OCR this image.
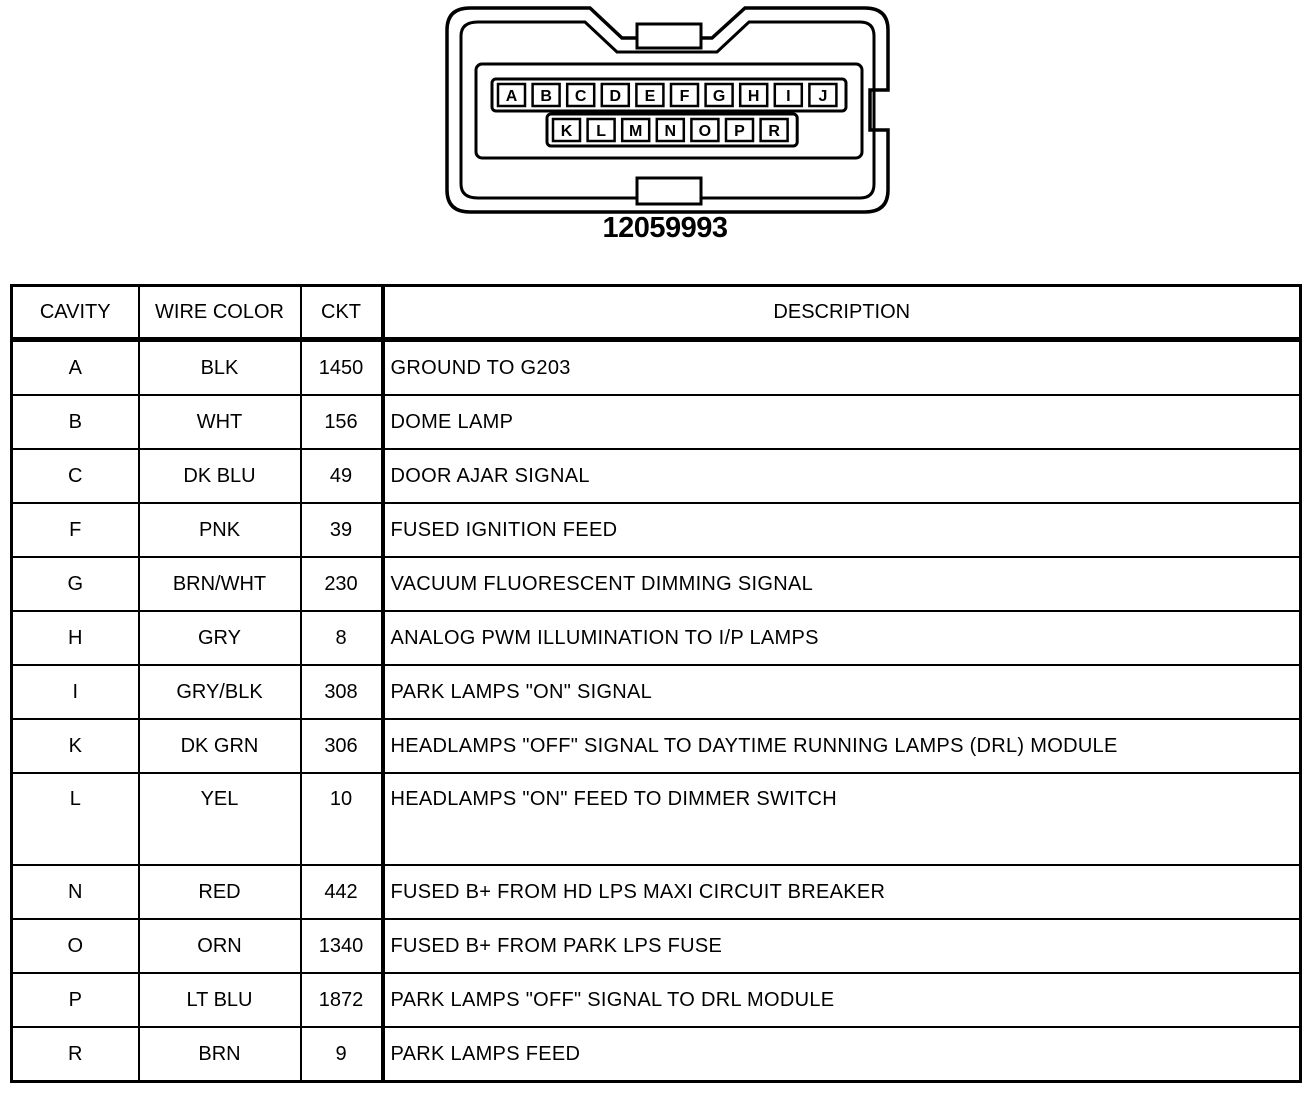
A B C D E F G H I J
K L M N O P R
12059993
CAVITY	WIRE COLOR	CKT	DESCRIPTION
A	BLK	1450	GROUND TO G203
B	WHT	156	DOME LAMP
C	DK BLU	49	DOOR AJAR SIGNAL
F	PNK	39	FUSED IGNITION FEED
G	BRN/WHT	230	VACUUM FLUORESCENT DIMMING SIGNAL
H	GRY	8	ANALOG PWM ILLUMINATION TO I/P LAMPS
I	GRY/BLK	308	PARK LAMPS "ON" SIGNAL
K	DK GRN	306	HEADLAMPS "OFF" SIGNAL TO DAYTIME RUNNING LAMPS (DRL) MODULE
L	YEL	10	HEADLAMPS "ON" FEED TO DIMMER SWITCH
N	RED	442	FUSED B+ FROM HD LPS MAXI CIRCUIT BREAKER
O	ORN	1340	FUSED B+ FROM PARK LPS FUSE
P	LT BLU	1872	PARK LAMPS "OFF" SIGNAL TO DRL MODULE
R	BRN	9	PARK LAMPS FEED
